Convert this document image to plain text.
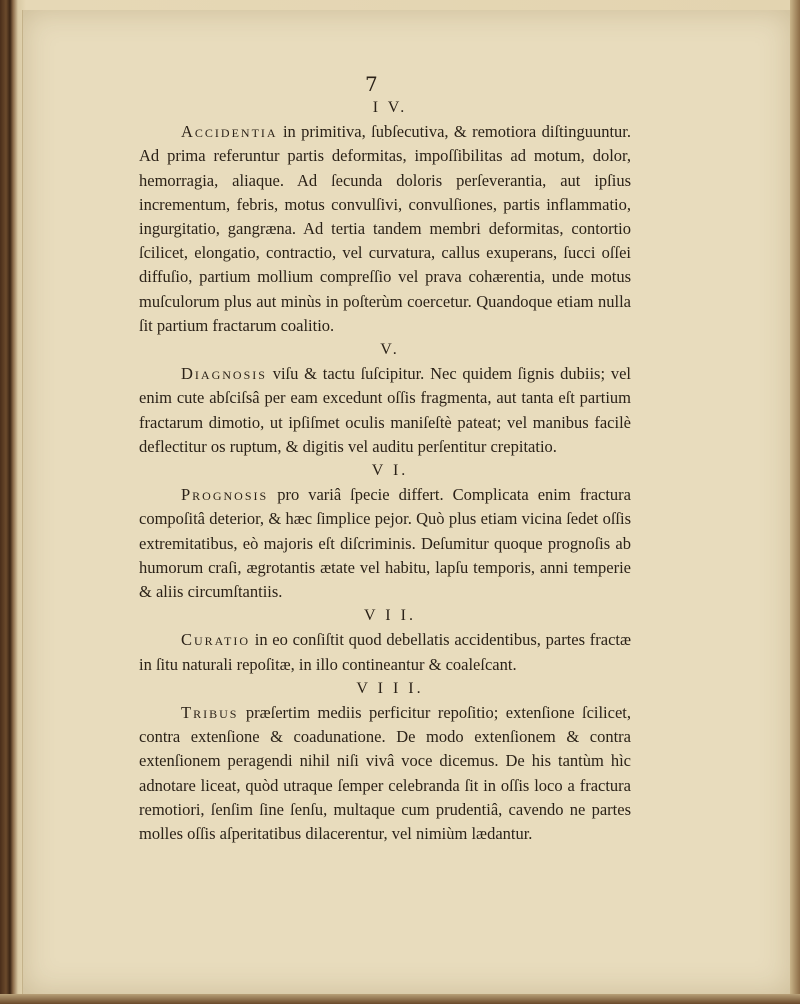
7

I V.

Accidentia in primitiva, ſubſecutiva, & remotiora diſtinguuntur. Ad prima referuntur partis deformitas, impoſſibilitas ad motum, dolor, hemorragia, aliaque. Ad ſecunda doloris perſeverantia, aut ipſius incrementum, febris, motus convulſivi, convulſiones, partis inflammatio, ingurgitatio, gangræna. Ad tertia tandem membri deformitas, contortio ſcilicet, elongatio, contractio, vel curvatura, callus exuperans, ſucci oſſei diffuſio, partium mollium compreſſio vel prava cohærentia, unde motus muſculorum plus aut minùs in poſterùm coercetur. Quandoque etiam nulla ſit partium fractarum coalitio.

V.

Diagnosis viſu & tactu ſuſcipitur. Nec quidem ſignis dubiis; vel enim cute abſciſsâ per eam excedunt oſſis fragmenta, aut tanta eſt partium fractarum dimotio, ut ipſiſmet oculis maniſeſtè pateat; vel manibus facilè deflectitur os ruptum, & digitis vel auditu perſentitur crepitatio.

V I.

Prognosis pro variâ ſpecie differt. Complicata enim fractura compoſitâ deterior, & hæc ſimplice pejor. Quò plus etiam vicina ſedet oſſis extremitatibus, eò majoris eſt diſcriminis. Deſumitur quoque prognoſis ab humorum craſi, ægrotantis ætate vel habitu, lapſu temporis, anni temperie & aliis circumſtantiis.

V I I.

Curatio in eo conſiſtit quod debellatis accidentibus, partes fractæ in ſitu naturali repoſitæ, in illo contineantur & coaleſcant.

V I I I.

Tribus præſertim mediis perficitur repoſitio; extenſione ſcilicet, contra extenſione & coadunatione. De modo extenſionem & contra extenſionem peragendi nihil niſi vivâ voce dicemus. De his tantùm hìc adnotare liceat, quòd utraque ſemper celebranda ſit in oſſis loco a fractura remotiori, ſenſim ſine ſenſu, multaque cum prudentiâ, cavendo ne partes molles oſſis aſperitatibus dilacerentur, vel nimiùm lædantur.
